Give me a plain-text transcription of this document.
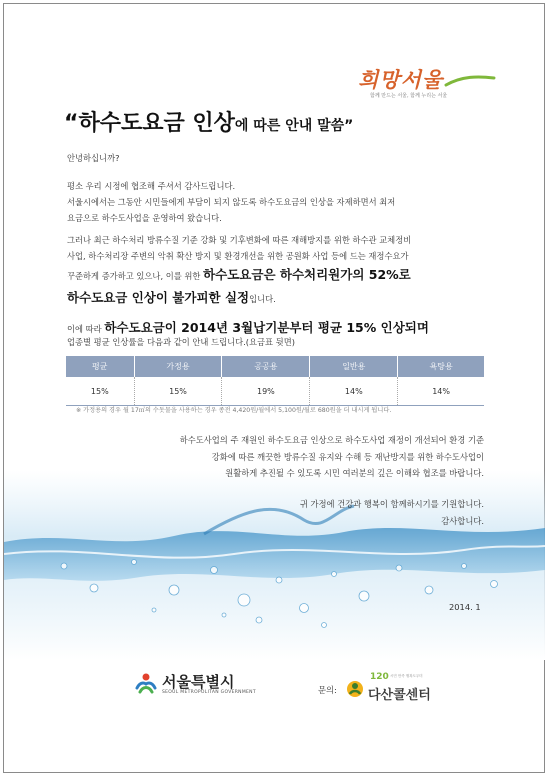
희망서울
함께 만드는 서울, 함께 누리는 서울
“하수도요금 인상에 따른 안내 말씀”
안녕하십니까?
평소 우리 시정에 협조해 주셔서 감사드립니다.
서울시에서는 그동안 시민들에게 부담이 되지 않도록 하수도요금의 인상을 자제하면서 최저
요금으로 하수도사업을 운영하여 왔습니다.
그러나 최근 하수처리 방류수질 기준 강화 및 기후변화에 따른 재해방지를 위한 하수관 교체정비
사업, 하수처리장 주변의 악취 확산 방지 및 환경개선을 위한 공원화 사업 등에 드는 재정수요가
꾸준하게 증가하고 있으나, 이를 위한 하수도요금은 하수처리원가의 52%로
하수도요금 인상이 불가피한 실정입니다.
이에 따라 하수도요금이 2014년 3월납기분부터 평균 15% 인상되며
업종별 평균 인상률을 다음과 같이 안내 드립니다.(요금표 뒷면)
평균	가정용	공공용	일반용	욕탕용
15%	15%	19%	14%	14%
※ 가정용의 경우 월 17㎥의 수돗물을 사용하는 경우 종전 4,420원/월에서 5,100원/월로 680원을 더 내시게 됩니다.
하수도사업의 주 재원인 하수도요금 인상으로 하수도사업 재정이 개선되어 환경 기준
강화에 따른 깨끗한 방류수질 유지와 수해 등 재난방지를 위한 하수도사업이
원활하게 추진될 수 있도록 시민 여러분의 깊은 이해와 협조를 바랍니다.
귀 가정에 건강과 행복이 함께하시기를 기원합니다.
감사합니다.
2014. 1
서울특별시
SEOUL METROPOLITAN GOVERNMENT	문의:
120 시민 만족 행복도우미
다산콜센터
